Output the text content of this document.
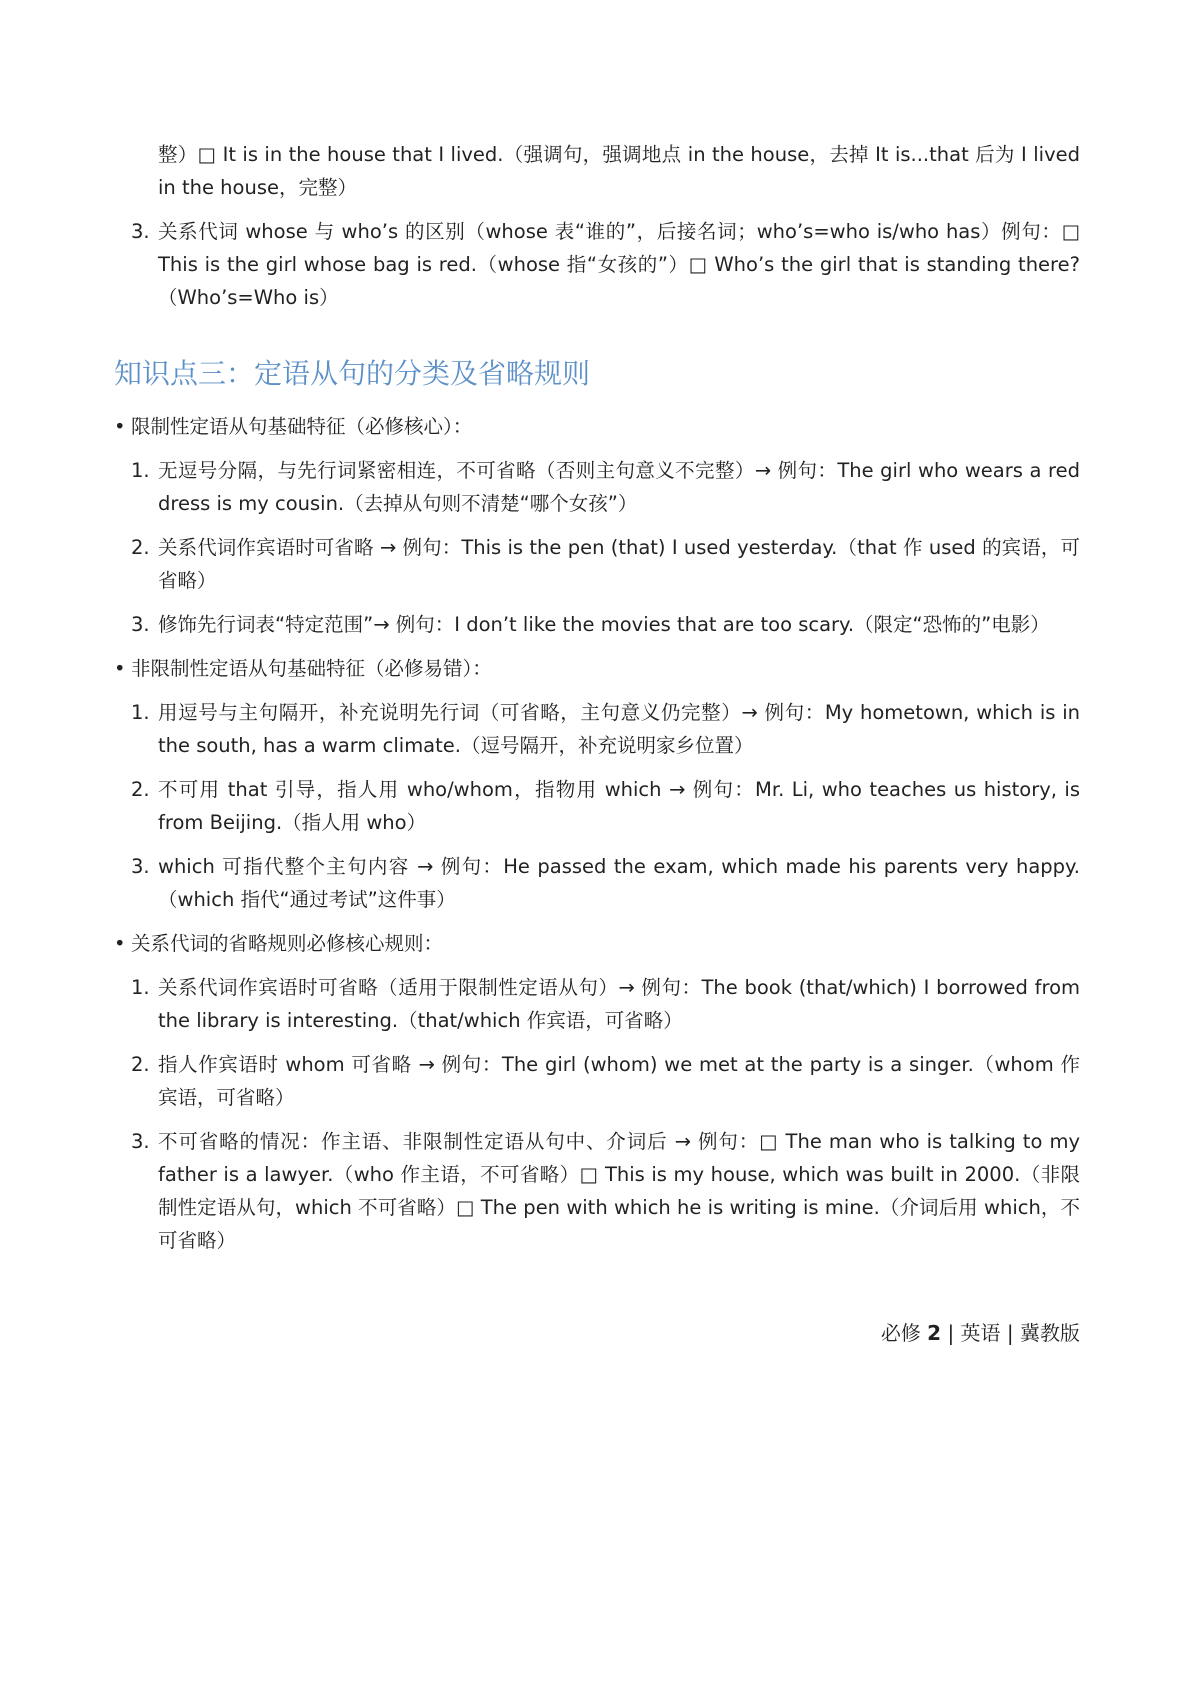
整）□ It is in the house that I lived.（强调句，强调地点 in the house，去掉 It is...that 后为 I lived in the house，完整）

3. 关系代词 whose 与 who’s 的区别（whose 表“谁的”，后接名词；who’s=who is/who has）例句：□ This is the girl whose bag is red.（whose 指“女孩的”）□ Who’s the girl that is standing there?（Who’s=Who is）
知识点三：定语从句的分类及省略规则
• 限制性定语从句基础特征（必修核心）：
1. 无逗号分隔，与先行词紧密相连，不可省略（否则主句意义不完整）→ 例句：The girl who wears a red dress is my cousin.（去掉从句则不清楚“哪个女孩”）
2. 关系代词作宾语时可省略 → 例句：This is the pen (that) I used yesterday.（that 作 used 的宾语，可省略）
3. 修饰先行词表“特定范围”→ 例句：I don’t like the movies that are too scary.（限定“恐怖的”电影）
• 非限制性定语从句基础特征（必修易错）：
1. 用逗号与主句隔开，补充说明先行词（可省略，主句意义仍完整）→ 例句：My hometown, which is in the south, has a warm climate.（逗号隔开，补充说明家乡位置）
2. 不可用 that 引导，指人用 who/whom，指物用 which → 例句：Mr. Li, who teaches us history, is from Beijing.（指人用 who）
3. which 可指代整个主句内容 → 例句：He passed the exam, which made his parents very happy.（which 指代“通过考试”这件事）
• 关系代词的省略规则必修核心规则：
1. 关系代词作宾语时可省略（适用于限制性定语从句）→ 例句：The book (that/which) I borrowed from the library is interesting.（that/which 作宾语，可省略）
2. 指人作宾语时 whom 可省略 → 例句：The girl (whom) we met at the party is a singer.（whom 作宾语，可省略）
3. 不可省略的情况：作主语、非限制性定语从句中、介词后 → 例句：□ The man who is talking to my father is a lawyer.（who 作主语，不可省略）□ This is my house, which was built in 2000.（非限制性定语从句，which 不可省略）□ The pen with which he is writing is mine.（介词后用 which，不可省略）
必修 2 | 英语 | 冀教版
